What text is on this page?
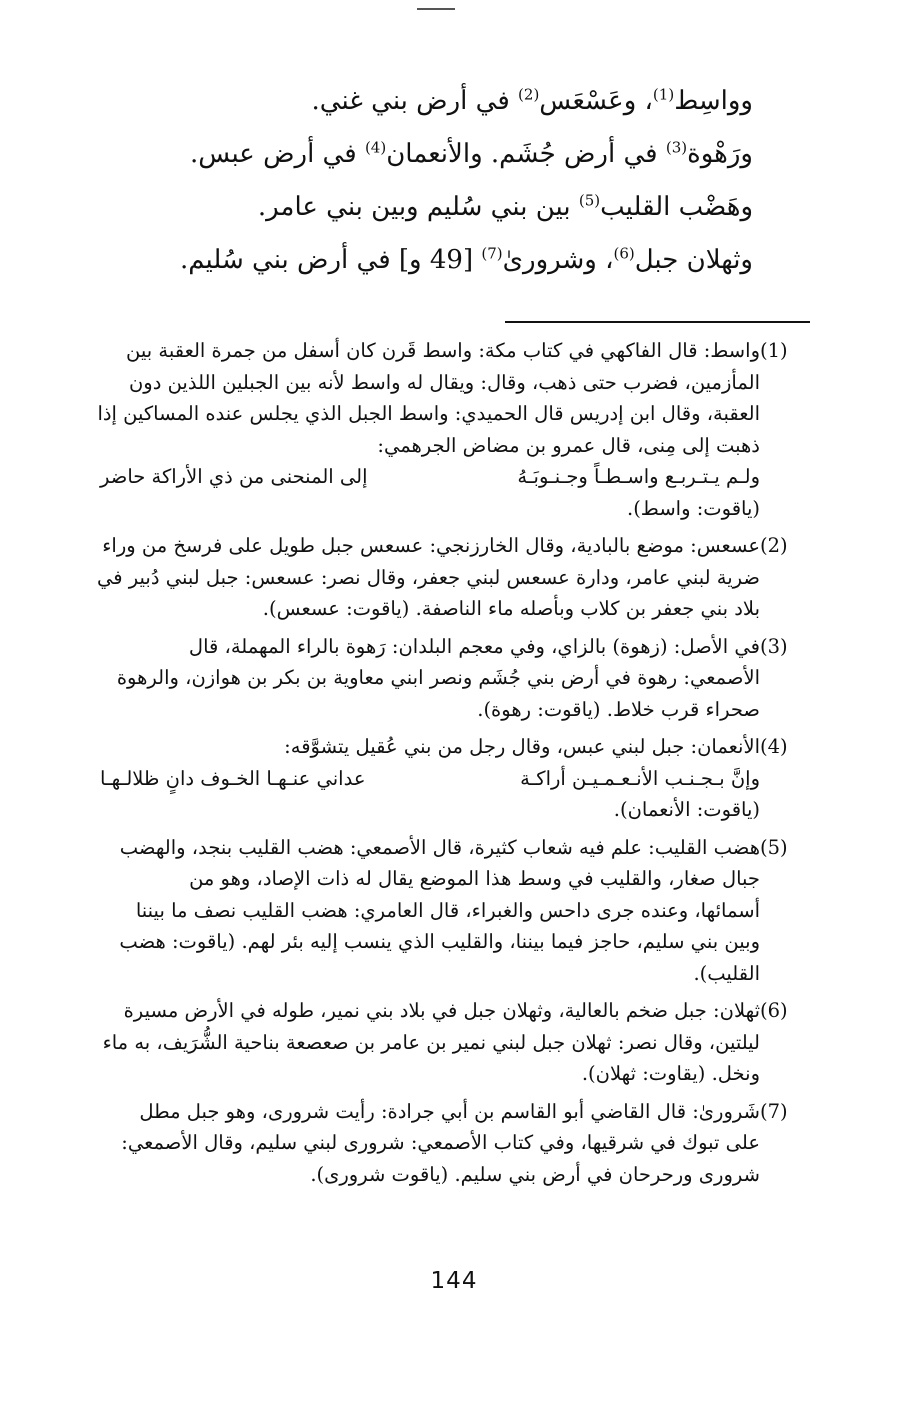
وواسِط$^{(1)}$، وعَسْعَس$^{(2)}$ في أرض بني غني.
ورَهْوة$^{(3)}$ في أرض جُشَم. والأنعمان$^{(4)}$ في أرض عبس.
وهَضْب القليب$^{(5)}$ بين بني سُليم وبين بني عامر.
وثهلان جبل$^{(6)}$، وشرورىٰ$^{(7)}$ [49 و] في أرض بني سُليم.
(1)
واسط: قال الفاكهي في كتاب مكة: واسط قَرن كان أسفل من جمرة العقبة بين
المأزمين، فضرب حتى ذهب، وقال: ويقال له واسط لأنه بين الجبلين اللذين دون
العقبة، وقال ابن إدريس قال الحميدي: واسط الجبل الذي يجلس عنده المساكين إذا
ذهبت إلى مِنى، قال عمرو بن مضاض الجرهمي:
ولـم يـتـربـع واسـطـاً وجـنـوبَـهُ
إلى المنحنى من ذي الأراكة حاضر
(ياقوت: واسط).
(2)
عسعس: موضع بالبادية، وقال الخارزنجي: عسعس جبل طويل على فرسخ من وراء
ضرية لبني عامر، ودارة عسعس لبني جعفر، وقال نصر: عسعس: جبل لبني دُبير في
بلاد بني جعفر بن كلاب وبأصله ماء الناصفة. (ياقوت: عسعس).
(3)
في الأصل: (زهوة) بالزاي، وفي معجم البلدان: رَهوة بالراء المهملة، قال
الأصمعي: رهوة في أرض بني جُشَم ونصر ابني معاوية بن بكر بن هوازن، والرهوة
صحراء قرب خلاط. (ياقوت: رهوة).
(4)
الأنعمان: جبل لبني عبس، وقال رجل من بني عُقيل يتشوَّقه:
وإنَّ بـجـنـب الأنـعـمـيـن أراكـة
عداني عنـهـا الخـوف دانٍ ظلالـهـا
(ياقوت: الأنعمان).
(5)
هضب القليب: علم فيه شعاب كثيرة، قال الأصمعي: هضب القليب بنجد، والهضب
جبال صغار، والقليب في وسط هذا الموضع يقال له ذات الإصاد، وهو من
أسمائها، وعنده جرى داحس والغبراء، قال العامري: هضب القليب نصف ما بيننا
وبين بني سليم، حاجز فيما بيننا، والقليب الذي ينسب إليه بئر لهم. (ياقوت: هضب
القليب).
(6)
ثهلان: جبل ضخم بالعالية، وثهلان جبل في بلاد بني نمير، طوله في الأرض مسيرة
ليلتين، وقال نصر: ثهلان جبل لبني نمير بن عامر بن صعصعة بناحية الشُّرَيف، به ماء
ونخل. (يقاوت: ثهلان).
(7)
شَرورىٰ: قال القاضي أبو القاسم بن أبي جرادة: رأيت شرورى، وهو جبل مطل
على تبوك في شرقيها، وفي كتاب الأصمعي: شرورى لبني سليم، وقال الأصمعي:
شرورى ورحرحان في أرض بني سليم. (ياقوت شرورى).
144
